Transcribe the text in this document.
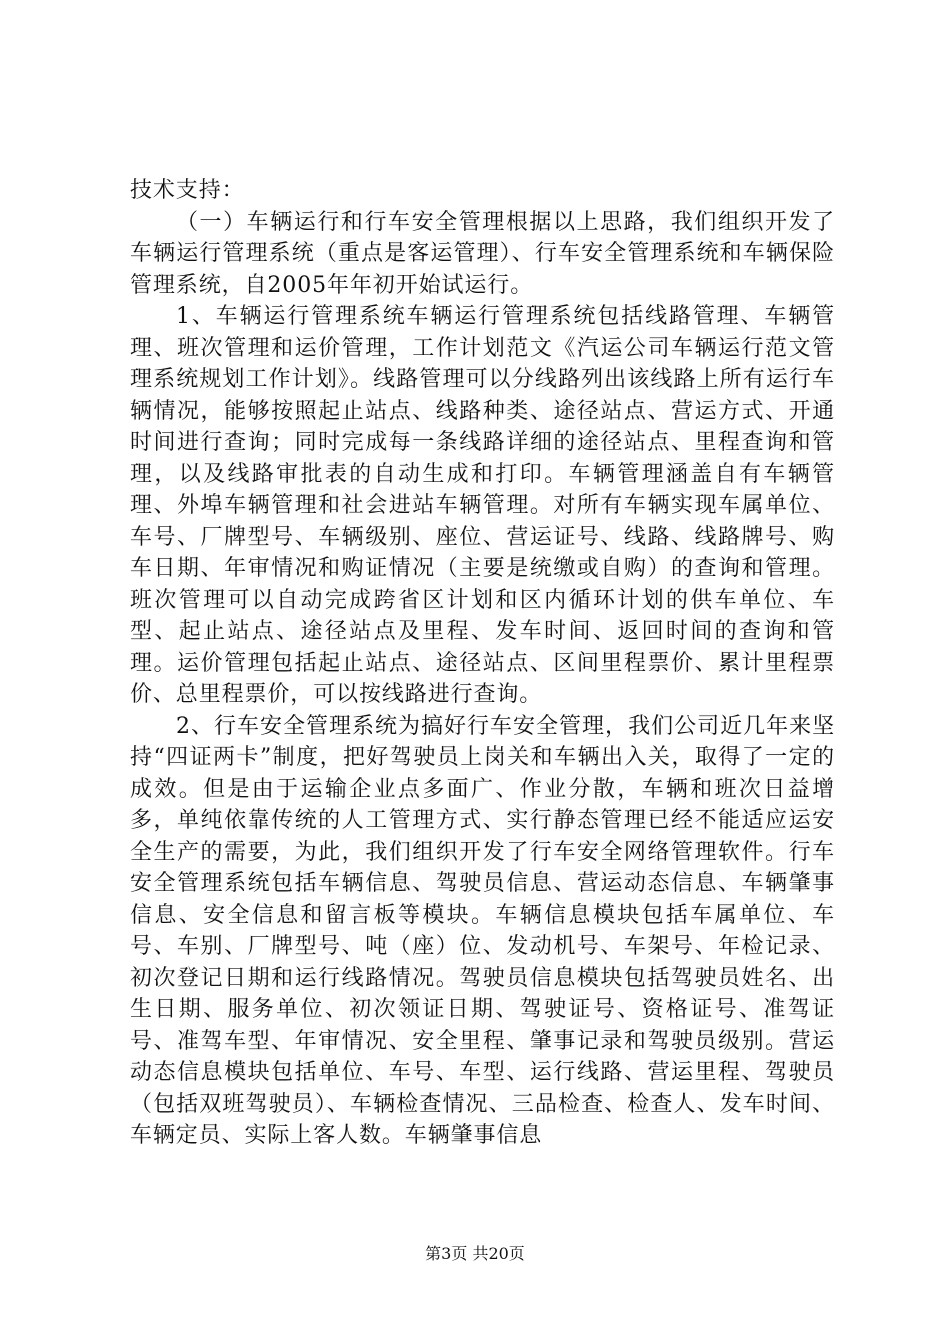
技术支持：

（一）车辆运行和行车安全管理根据以上思路，我们组织开发了车辆运行管理系统（重点是客运管理）、行车安全管理系统和车辆保险管理系统，自2005年年初开始试运行。

1、车辆运行管理系统车辆运行管理系统包括线路管理、车辆管理、班次管理和运价管理，工作计划范文《汽运公司车辆运行范文管理系统规划工作计划》。线路管理可以分线路列出该线路上所有运行车辆情况，能够按照起止站点、线路种类、途径站点、营运方式、开通时间进行查询；同时完成每一条线路详细的途径站点、里程查询和管理，以及线路审批表的自动生成和打印。车辆管理涵盖自有车辆管理、外埠车辆管理和社会进站车辆管理。对所有车辆实现车属单位、车号、厂牌型号、车辆级别、座位、营运证号、线路、线路牌号、购车日期、年审情况和购证情况（主要是统缴或自购）的查询和管理。班次管理可以自动完成跨省区计划和区内循环计划的供车单位、车型、起止站点、途径站点及里程、发车时间、返回时间的查询和管理。运价管理包括起止站点、途径站点、区间里程票价、累计里程票价、总里程票价，可以按线路进行查询。

2、行车安全管理系统为搞好行车安全管理，我们公司近几年来坚持“四证两卡”制度，把好驾驶员上岗关和车辆出入关，取得了一定的成效。但是由于运输企业点多面广、作业分散，车辆和班次日益增多，单纯依靠传统的人工管理方式、实行静态管理已经不能适应运安全生产的需要，为此，我们组织开发了行车安全网络管理软件。行车安全管理系统包括车辆信息、驾驶员信息、营运动态信息、车辆肇事信息、安全信息和留言板等模块。车辆信息模块包括车属单位、车号、车别、厂牌型号、吨（座）位、发动机号、车架号、年检记录、初次登记日期和运行线路情况。驾驶员信息模块包括驾驶员姓名、出生日期、服务单位、初次领证日期、驾驶证号、资格证号、准驾证号、准驾车型、年审情况、安全里程、肇事记录和驾驶员级别。营运动态信息模块包括单位、车号、车型、运行线路、营运里程、驾驶员（包括双班驾驶员）、车辆检查情况、三品检查、检查人、发车时间、车辆定员、实际上客人数。车辆肇事信息

第3页 共20页
